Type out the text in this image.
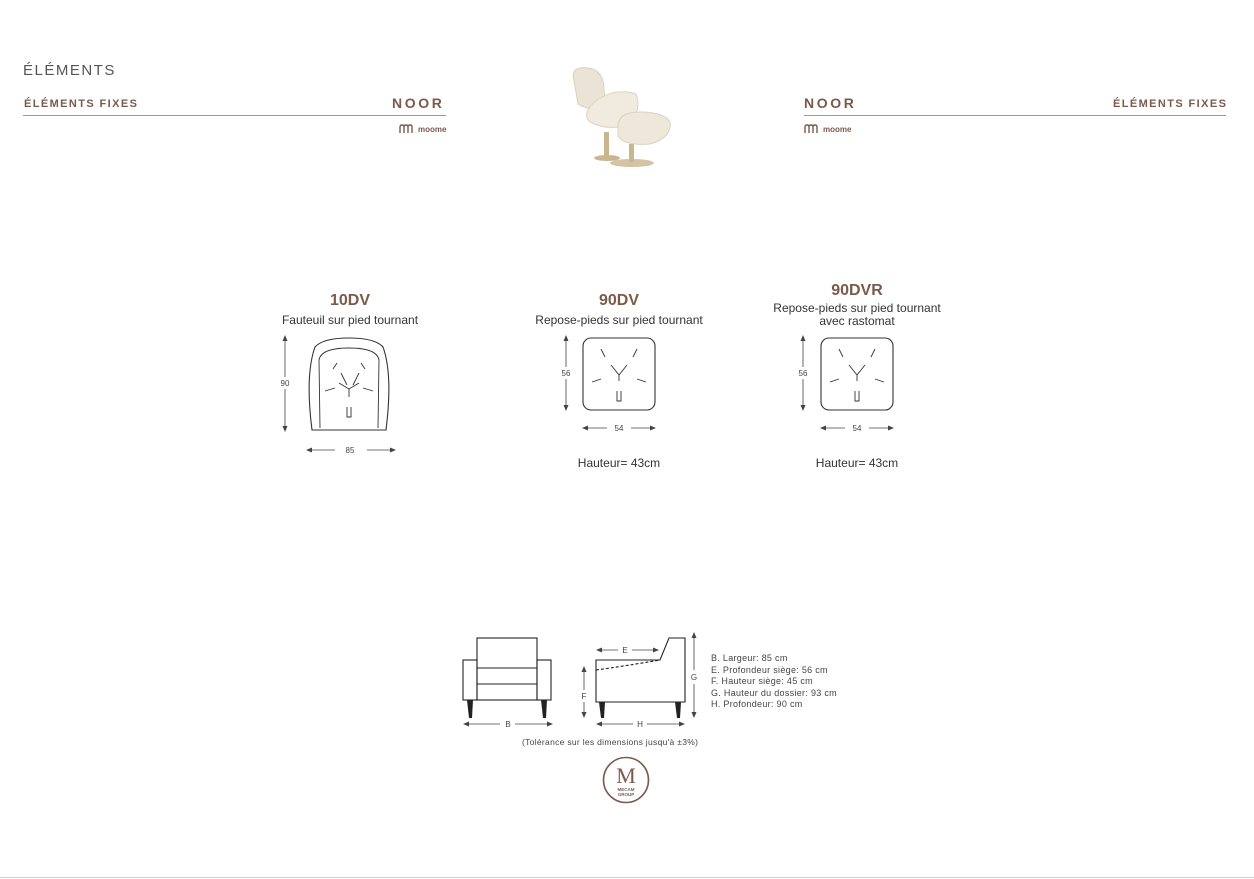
ÉLÉMENTS
ÉLÉMENTS FIXES	NOOR
moome
NOOR	ÉLÉMENTS FIXES
moome
10DV
Fauteuil sur pied tournant
90
85
90DV
Repose-pieds sur pied tournant
56
54
Hauteur= 43cm
90DVR
Repose-pieds sur pied tournant
avec rastomat
56
54
Hauteur= 43cm
B
E
F
G
H
B. Largeur: 85 cm
E. Profondeur siège: 56 cm
F. Hauteur siège: 45 cm
G. Hauteur du dossier: 93 cm
H. Profondeur: 90 cm
(Tolérance sur les dimensions jusqu'à ±3%)
M
MECAM
GROUP
